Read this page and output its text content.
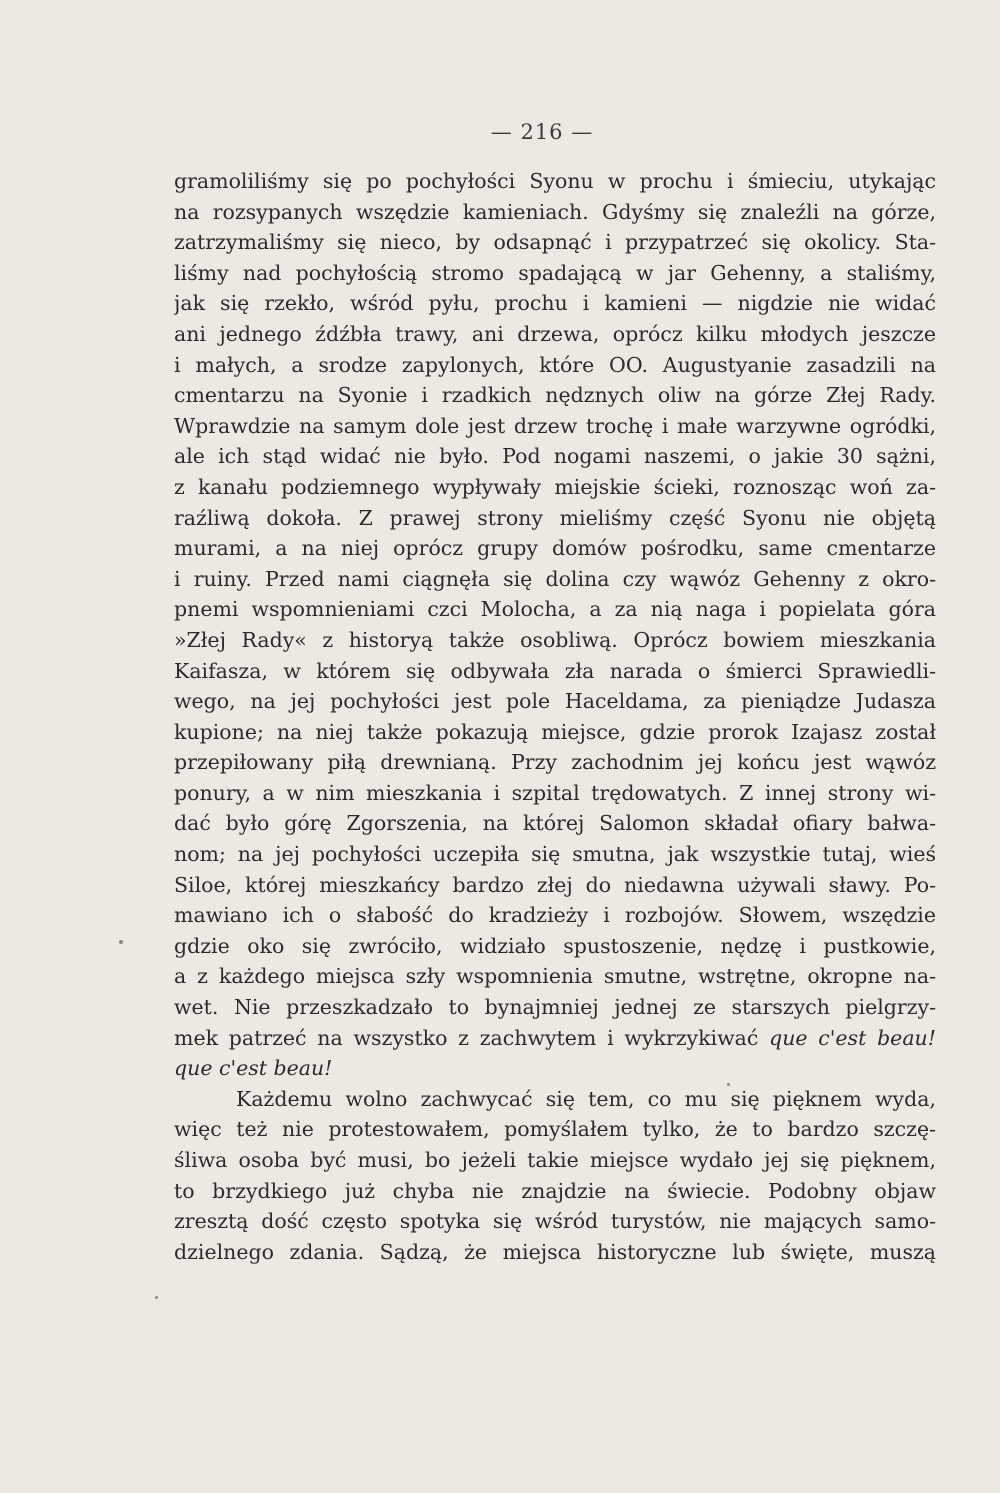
— 216 —
gramoliliśmy się po pochyłości Syonu w prochu i śmieciu, utykając
na rozsypanych wszędzie kamieniach. Gdyśmy się znaleźli na górze,
zatrzymaliśmy się nieco, by odsapnąć i przypatrzeć się okolicy. Sta-
liśmy nad pochyłością stromo spadającą w jar Gehenny, a staliśmy,
jak się rzekło, wśród pyłu, prochu i kamieni — nigdzie nie widać
ani jednego źdźbła trawy, ani drzewa, oprócz kilku młodych jeszcze
i małych, a srodze zapylonych, które OO. Augustyanie zasadzili na
cmentarzu na Syonie i rzadkich nędznych oliw na górze Złej Rady.
Wprawdzie na samym dole jest drzew trochę i małe warzywne ogródki,
ale ich stąd widać nie było. Pod nogami naszemi, o jakie 30 sążni,
z kanału podziemnego wypływały miejskie ścieki, roznosząc woń za-
raźliwą dokoła. Z prawej strony mieliśmy część Syonu nie objętą
murami, a na niej oprócz grupy domów pośrodku, same cmentarze
i ruiny. Przed nami ciągnęła się dolina czy wąwóz Gehenny z okro-
pnemi wspomnieniami czci Molocha, a za nią naga i popielata góra
»Złej Rady« z historyą także osobliwą. Oprócz bowiem mieszkania
Kaifasza, w którem się odbywała zła narada o śmierci Sprawiedli-
wego, na jej pochyłości jest pole Haceldama, za pieniądze Judasza
kupione; na niej także pokazują miejsce, gdzie prorok Izajasz został
przepiłowany piłą drewnianą. Przy zachodnim jej końcu jest wąwóz
ponury, a w nim mieszkania i szpital trędowatych. Z innej strony wi-
dać było górę Zgorszenia, na której Salomon składał ofiary bałwa-
nom; na jej pochyłości uczepiła się smutna, jak wszystkie tutaj, wieś
Siloe, której mieszkańcy bardzo złej do niedawna używali sławy. Po-
mawiano ich o słabość do kradzieży i rozbojów. Słowem, wszędzie
gdzie oko się zwróciło, widziało spustoszenie, nędzę i pustkowie,
a z każdego miejsca szły wspomnienia smutne, wstrętne, okropne na-
wet. Nie przeszkadzało to bynajmniej jednej ze starszych pielgrzy-
mek patrzeć na wszystko z zachwytem i wykrzykiwać que c'est beau!
que c'est beau!
Każdemu wolno zachwycać się tem, co mu się pięknem wyda,
więc też nie protestowałem, pomyślałem tylko, że to bardzo szczę-
śliwa osoba być musi, bo jeżeli takie miejsce wydało jej się pięknem,
to brzydkiego już chyba nie znajdzie na świecie. Podobny objaw
zresztą dość często spotyka się wśród turystów, nie mających samo-
dzielnego zdania. Sądzą, że miejsca historyczne lub święte, muszą
